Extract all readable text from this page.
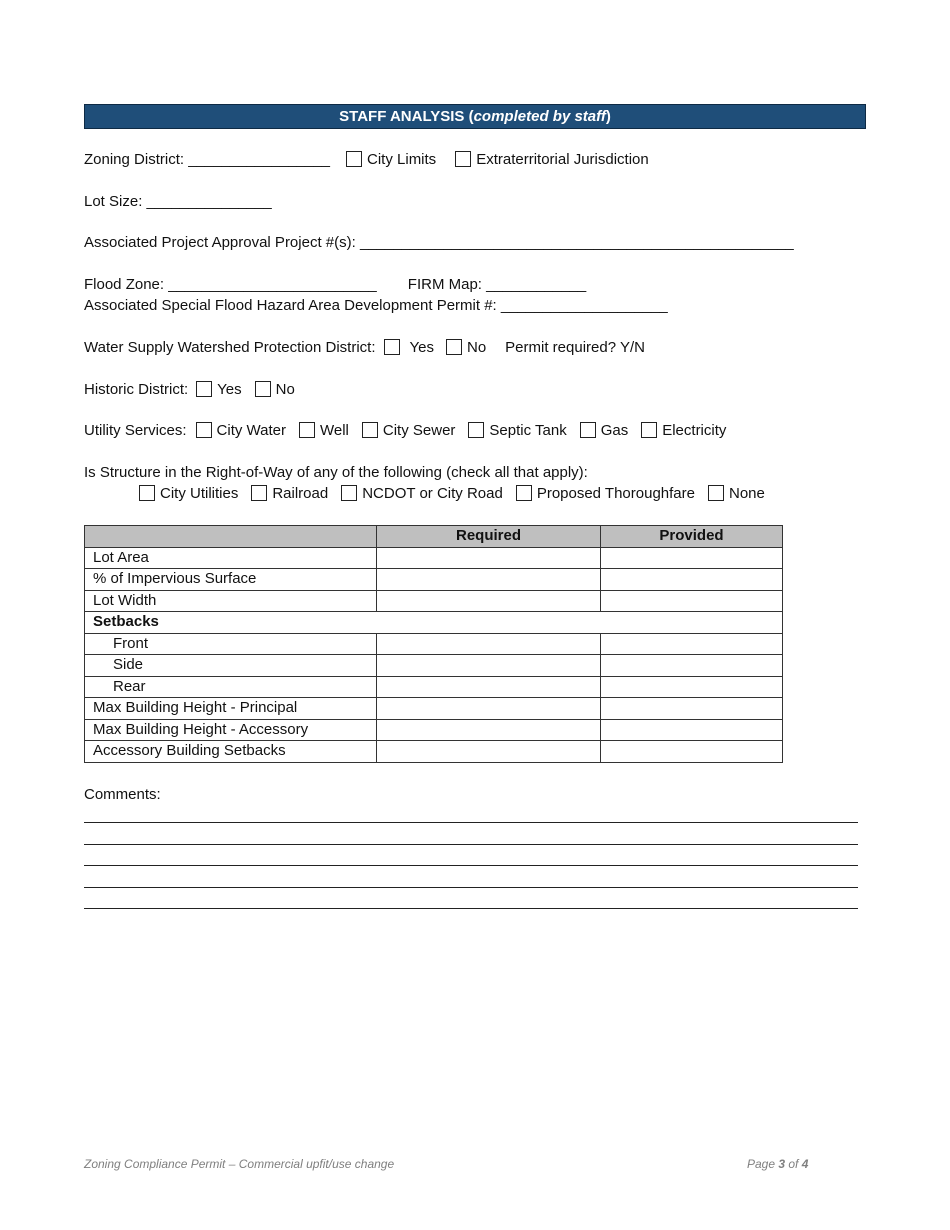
STAFF ANALYSIS (completed by staff)
Zoning District: _________________ City Limits	Extraterritorial Jurisdiction
Lot Size: _______________
Associated Project Approval Project #(s): ____________________________________________________
Flood Zone: _________________________ FIRM Map: ____________
Associated Special Flood Hazard Area Development Permit #: ____________________
Water Supply Watershed Protection District: Yes No Permit required? Y/N
Historic District: Yes No
Utility Services: City Water Well City Sewer Septic Tank Gas Electricity
Is Structure in the Right-of-Way of any of the following (check all that apply):
City Utilities Railroad NCDOT or City Road Proposed Thoroughfare None
	Required	Provided
Lot Area		
% of Impervious Surface		
Lot Width		
Setbacks		
Front		
Side		
Rear		
Max Building Height - Principal		
Max Building Height - Accessory		
Accessory Building Setbacks		
Comments:
Zoning Compliance Permit – Commercial upfit/use change	Page 3 of 4
